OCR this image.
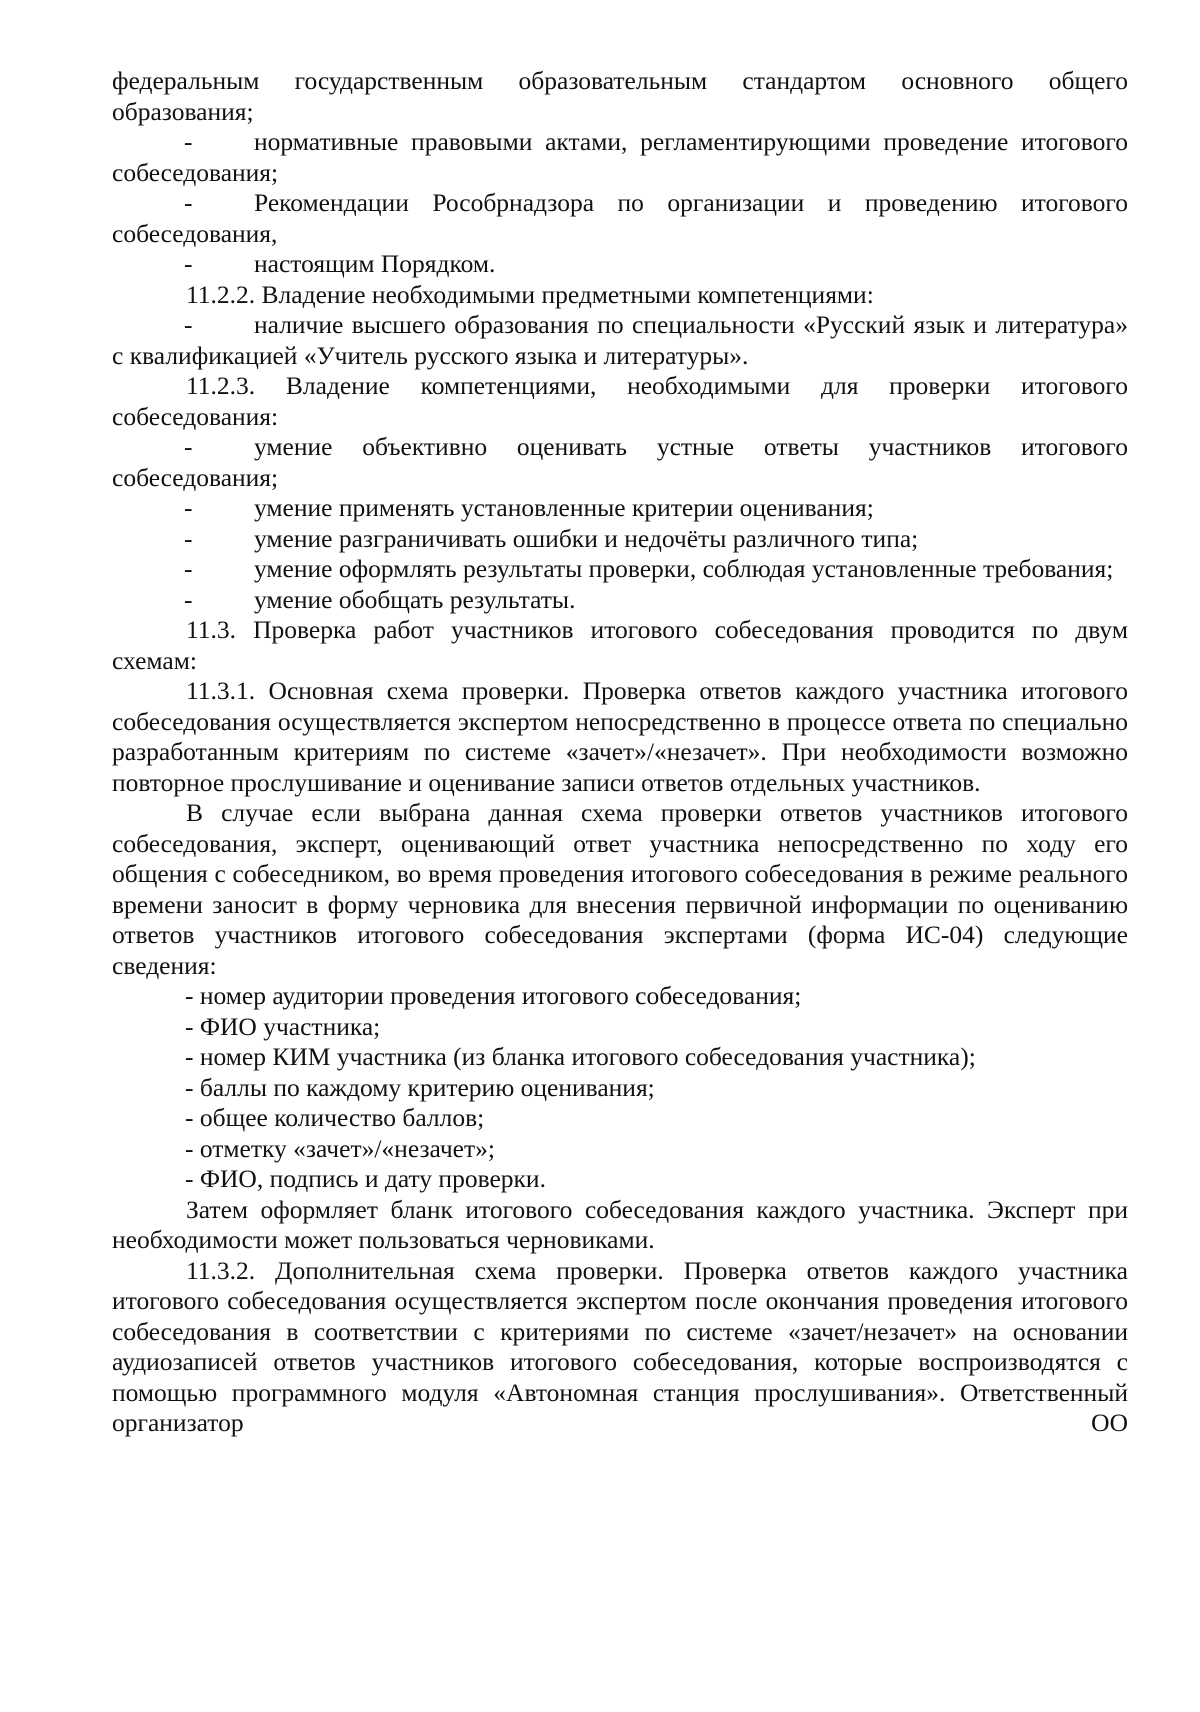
федеральным государственным образовательным стандартом основного общего образования;

- нормативные правовыми актами, регламентирующими проведение итогового собеседования;

- Рекомендации Рособрнадзора по организации и проведению итогового собеседования,

- настоящим Порядком.

11.2.2. Владение необходимыми предметными компетенциями:

- наличие высшего образования по специальности «Русский язык и литература» с квалификацией «Учитель русского языка и литературы».

11.2.3. Владение компетенциями, необходимыми для проверки итогового собеседования:

- умение объективно оценивать устные ответы участников итогового собеседования;

- умение применять установленные критерии оценивания;

- умение разграничивать ошибки и недочёты различного типа;

- умение оформлять результаты проверки, соблюдая установленные требования;

- умение обобщать результаты.

11.3. Проверка работ участников итогового собеседования проводится по двум схемам:

11.3.1. Основная схема проверки. Проверка ответов каждого участника итогового собеседования осуществляется экспертом непосредственно в процессе ответа по специально разработанным критериям по системе «зачет»/«незачет». При необходимости возможно повторное прослушивание и оценивание записи ответов отдельных участников.

В случае если выбрана данная схема проверки ответов участников итогового собеседования, эксперт, оценивающий ответ участника непосредственно по ходу его общения с собеседником, во время проведения итогового собеседования в режиме реального времени заносит в форму черновика для внесения первичной информации по оцениванию ответов участников итогового собеседования экспертами (форма ИС-04) следующие сведения:

- номер аудитории проведения итогового собеседования;

- ФИО участника;

- номер КИМ участника (из бланка итогового собеседования участника);

- баллы по каждому критерию оценивания;

- общее количество баллов;

- отметку «зачет»/«незачет»;

- ФИО, подпись и дату проверки.

Затем оформляет бланк итогового собеседования каждого участника. Эксперт при необходимости может пользоваться черновиками.

11.3.2. Дополнительная схема проверки. Проверка ответов каждого участника итогового собеседования осуществляется экспертом после окончания проведения итогового собеседования в соответствии с критериями по системе «зачет/незачет» на основании аудиозаписей ответов участников итогового собеседования, которые воспроизводятся с помощью программного модуля «Автономная станция прослушивания». Ответственный организатор ОО
